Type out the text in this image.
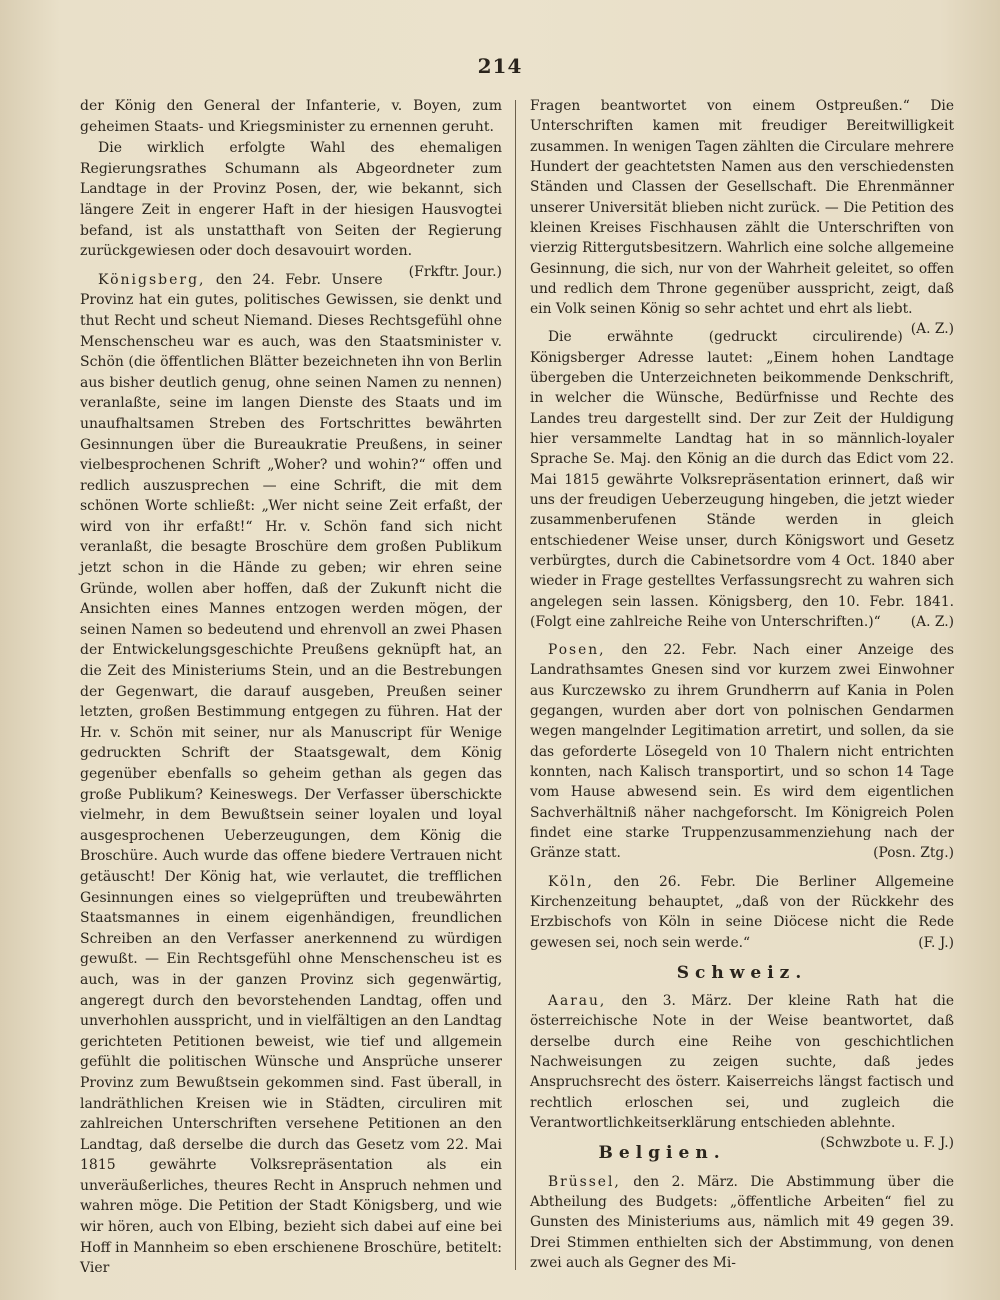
214

der König den General der Infanterie, v. Boyen, zum geheimen Staats- und Kriegsminister zu ernennen geruht.

Die wirklich erfolgte Wahl des ehemaligen Regierungsrathes Schumann als Abgeordneter zum Landtage in der Provinz Posen, der, wie bekannt, sich längere Zeit in engerer Haft in der hiesigen Hausvogtei befand, ist als unstatthaft von Seiten der Regierung zurückgewiesen oder doch desavouirt worden.
(Frkftr. Jour.)

Königsberg, den 24. Febr. Unsere Provinz hat ein gutes, politisches Gewissen, sie denkt und thut Recht und scheut Niemand. Dieses Rechtsgefühl ohne Menschenscheu war es auch, was den Staatsminister v. Schön (die öffentlichen Blätter bezeichneten ihn von Berlin aus bisher deutlich genug, ohne seinen Namen zu nennen) veranlaßte, seine im langen Dienste des Staats und im unaufhaltsamen Streben des Fortschrittes bewährten Gesinnungen über die Bureaukratie Preußens, in seiner vielbesprochenen Schrift „Woher? und wohin?“ offen und redlich auszusprechen — eine Schrift, die mit dem schönen Worte schließt: „Wer nicht seine Zeit erfaßt, der wird von ihr erfaßt!“ Hr. v. Schön fand sich nicht veranlaßt, die besagte Broschüre dem großen Publikum jetzt schon in die Hände zu geben; wir ehren seine Gründe, wollen aber hoffen, daß der Zukunft nicht die Ansichten eines Mannes entzogen werden mögen, der seinen Namen so bedeutend und ehrenvoll an zwei Phasen der Entwickelungsgeschichte Preußens geknüpft hat, an die Zeit des Ministeriums Stein, und an die Bestrebungen der Gegenwart, die darauf ausgeben, Preußen seiner letzten, großen Bestimmung entgegen zu führen. Hat der Hr. v. Schön mit seiner, nur als Manuscript für Wenige gedruckten Schrift der Staatsgewalt, dem König gegenüber ebenfalls so geheim gethan als gegen das große Publikum? Keineswegs. Der Verfasser überschickte vielmehr, in dem Bewußtsein seiner loyalen und loyal ausgesprochenen Ueberzeugungen, dem König die Broschüre. Auch wurde das offene biedere Vertrauen nicht getäuscht! Der König hat, wie verlautet, die trefflichen Gesinnungen eines so vielgeprüften und treubewährten Staatsmannes in einem eigenhändigen, freundlichen Schreiben an den Verfasser anerkennend zu würdigen gewußt. — Ein Rechtsgefühl ohne Menschenscheu ist es auch, was in der ganzen Provinz sich gegenwärtig, angeregt durch den bevorstehenden Landtag, offen und unverhohlen ausspricht, und in vielfältigen an den Landtag gerichteten Petitionen beweist, wie tief und allgemein gefühlt die politischen Wünsche und Ansprüche unserer Provinz zum Bewußtsein gekommen sind. Fast überall, in landräthlichen Kreisen wie in Städten, circuliren mit zahlreichen Unterschriften versehene Petitionen an den Landtag, daß derselbe die durch das Gesetz vom 22. Mai 1815 gewährte Volksrepräsentation als ein unveräußerliches, theures Recht in Anspruch nehmen und wahren möge. Die Petition der Stadt Königsberg, und wie wir hören, auch von Elbing, bezieht sich dabei auf eine bei Hoff in Mannheim so eben erschienene Broschüre, betitelt: Vier

Fragen beantwortet von einem Ostpreußen.“ Die Unterschriften kamen mit freudiger Bereitwilligkeit zusammen. In wenigen Tagen zählten die Circulare mehrere Hundert der geachtetsten Namen aus den verschiedensten Ständen und Classen der Gesellschaft. Die Ehrenmänner unserer Universität blieben nicht zurück. — Die Petition des kleinen Kreises Fischhausen zählt die Unterschriften von vierzig Rittergutsbesitzern. Wahrlich eine solche allgemeine Gesinnung, die sich, nur von der Wahrheit geleitet, so offen und redlich dem Throne gegenüber ausspricht, zeigt, daß ein Volk seinen König so sehr achtet und ehrt als liebt.
(A. Z.)

Die erwähnte (gedruckt circulirende) Königsberger Adresse lautet: „Einem hohen Landtage übergeben die Unterzeichneten beikommende Denkschrift, in welcher die Wünsche, Bedürfnisse und Rechte des Landes treu dargestellt sind. Der zur Zeit der Huldigung hier versammelte Landtag hat in so männlich-loyaler Sprache Se. Maj. den König an die durch das Edict vom 22. Mai 1815 gewährte Volksrepräsentation erinnert, daß wir uns der freudigen Ueberzeugung hingeben, die jetzt wieder zusammenberufenen Stände werden in gleich entschiedener Weise unser, durch Königswort und Gesetz verbürgtes, durch die Cabinetsordre vom 4 Oct. 1840 aber wieder in Frage gestelltes Verfassungsrecht zu wahren sich angelegen sein lassen. Königsberg, den 10. Febr. 1841. (Folgt eine zahlreiche Reihe von Unterschriften.)“	(A. Z.)

Posen, den 22. Febr. Nach einer Anzeige des Landrathsamtes Gnesen sind vor kurzem zwei Einwohner aus Kurczewsko zu ihrem Grundherrn auf Kania in Polen gegangen, wurden aber dort von polnischen Gendarmen wegen mangelnder Legitimation arretirt, und sollen, da sie das geforderte Lösegeld von 10 Thalern nicht entrichten konnten, nach Kalisch transportirt, und so schon 14 Tage vom Hause abwesend sein. Es wird dem eigentlichen Sachverhältniß näher nachgeforscht. Im Königreich Polen findet eine starke Truppenzusammenziehung nach der Gränze statt.	(Posn. Ztg.)

Köln, den 26. Febr. Die Berliner Allgemeine Kirchenzeitung behauptet, „daß von der Rückkehr des Erzbischofs von Köln in seine Diöcese nicht die Rede gewesen sei, noch sein werde.“	(F. J.)

Schweiz.

Aarau, den 3. März. Der kleine Rath hat die österreichische Note in der Weise beantwortet, daß derselbe durch eine Reihe von geschichtlichen Nachweisungen zu zeigen suchte, daß jedes Anspruchsrecht des österr. Kaiserreichs längst factisch und rechtlich erloschen sei, und zugleich die Verantwortlichkeitserklärung entschieden ablehnte.
(Schwzbote u. F. J.)

Belgien.

Brüssel, den 2. März. Die Abstimmung über die Abtheilung des Budgets: „öffentliche Arbeiten“ fiel zu Gunsten des Ministeriums aus, nämlich mit 49 gegen 39. Drei Stimmen enthielten sich der Abstimmung, von denen zwei auch als Gegner des Mi-
